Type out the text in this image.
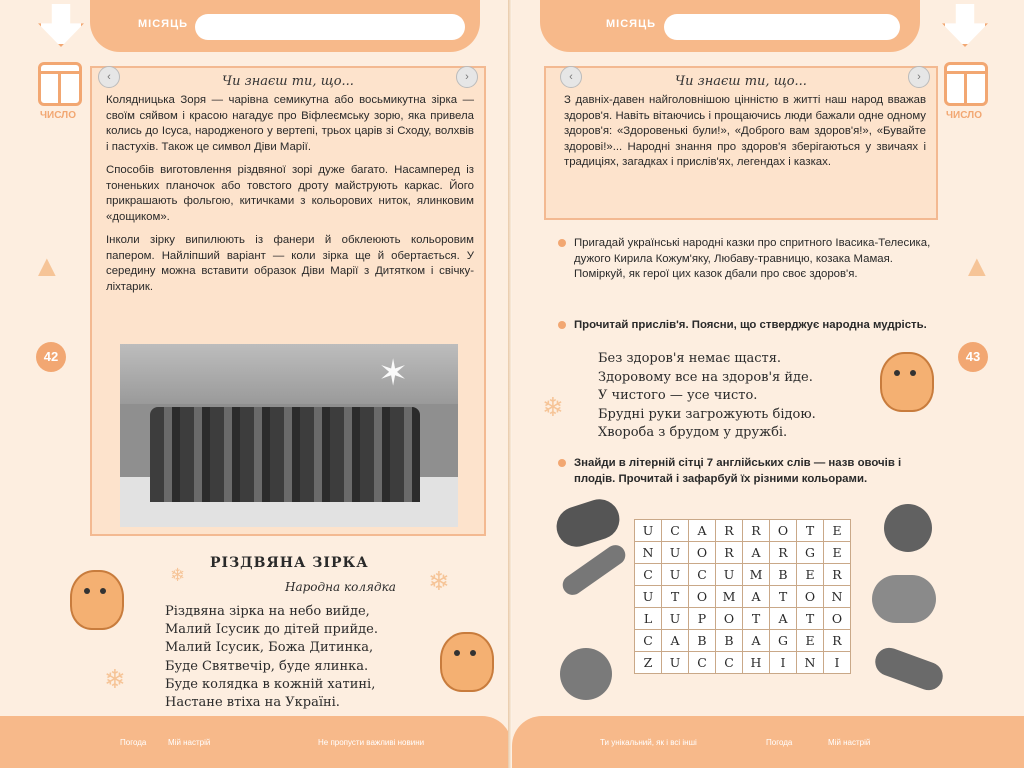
МІСЯЦЬ
ЧИСЛО
42
‹	›
Чи знаєш ти, що...

Колядницька Зоря — чарівна семикутна або восьмикутна зірка — своїм сяйвом і красою нагадує про Віфлеємську зорю, яка привела колись до Ісуса, народженого у вертепі, трьох царів зі Сходу, волхвів і пастухів. Також це символ Діви Марії.

Способів виготовлення різдвяної зорі дуже багато. Насамперед із тоненьких планочок або товстого дроту майструють каркас. Його прикрашають фольгою, китичками з кольорових ниток, ялинковим «дощиком».

Інколи зірку випилюють із фанери й обклеюють кольоровим папером. Найліпший варіант — коли зірка ще й обертається. У середину можна вставити образок Діви Марії з Дитятком і свічку-ліхтарик.

✶
РІЗДВЯНА ЗІРКА
Народна колядка
Різдвяна зірка на небо вийде,
Малий Ісусик до дітей прийде.
Малий Ісусик, Божа Дитинка,
Буде Святвечір, буде ялинка.
Буде колядка в кожній хатині,
Настане втіха на Україні.
❄	❄
❄
▲
Погода	Мій настрій	Не пропусти важливі новини
МІСЯЦЬ
ЧИСЛО
43
‹	›
Чи знаєш ти, що...

З давніх-давен найголовнішою цінністю в житті наш народ вважав здоров'я. Навіть вітаючись і прощаючись люди бажали одне одному здоров'я: «Здоровенькі були!», «Доброго вам здоров'я!», «Бувайте здорові!»... Народні знання про здоров'я зберігаються у звичаях і традиціях, загадках і прислів'ях, легендах і казках.

Пригадай українські народні казки про спритного Івасика-Телесика, дужого Кирила Кожум'яку, Любаву-травницю, козака Мамая. Поміркуй, як герої цих казок дбали про своє здоров'я.
Прочитай прислів'я. Поясни, що стверджує народна мудрість.
Без здоров'я немає щастя.
Здоровому все на здоров'я йде.
У чистого — усе чисто.
Брудні руки загрожують бідою.
Хвороба з брудом у дружбі.
Знайди в літерній сітці 7 англійських слів — назв овочів і плодів. Прочитай і зафарбуй їх різними кольорами.
U	C	A	R	R	O	T	E
N	U	O	R	A	R	G	E
C	U	C	U	M	B	E	R
U	T	O	M	A	T	O	N
L	U	P	O	T	A	T	O
C	A	B	B	A	G	E	R
Z	U	C	C	H	I	N	I
❄
▲
Ти унікальний, як і всі інші	Погода	Мій настрій
